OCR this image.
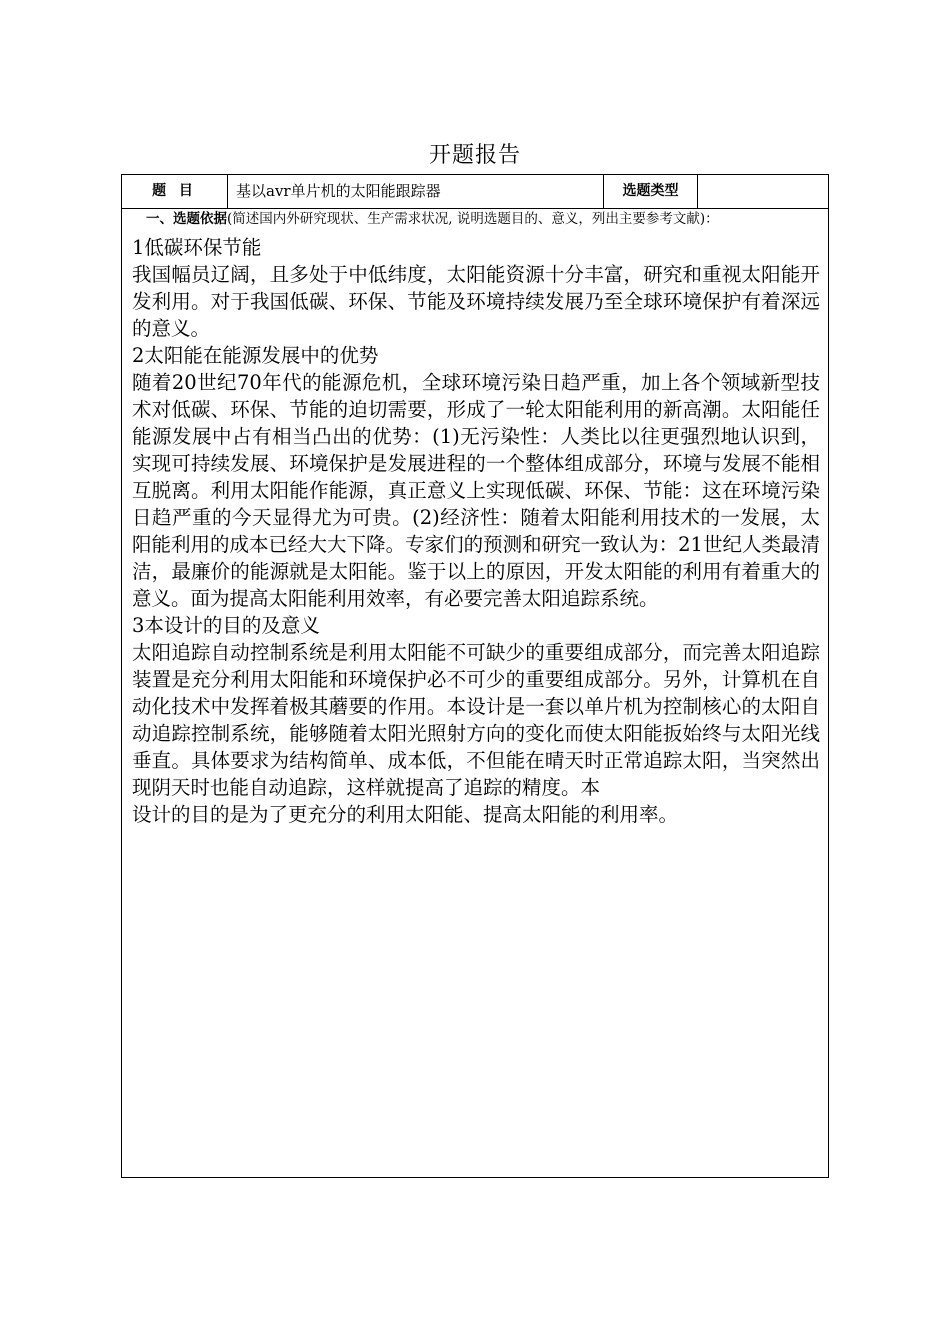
开题报告
题 目	基以avr单片机的太阳能跟踪器	选题类型

一、选题依据(简述国内外研究现状、生产需求状况, 说明选题目的、意义，列出主要参考文献)：

1低碳环保节能

我国幅员辽阔，且多处于中低纬度，太阳能资源十分丰富，研究和重视太阳能开发利用。对于我国低碳、环保、节能及环境持续发展乃至全球环境保护有着深远的意义。

2太阳能在能源发展中的优势

随着20世纪70年代的能源危机，全球环境污染日趋严重，加上各个领域新型技术对低碳、环保、节能的迫切需要，形成了一轮太阳能利用的新高潮。太阳能任能源发展中占有相当凸出的优势：(1)无污染性：人类比以往更强烈地认识到，实现可持续发展、环境保护是发展进程的一个整体组成部分，环境与发展不能相互脱离。利用太阳能作能源，真正意义上实现低碳、环保、节能：这在环境污染日趋严重的今天显得尤为可贵。(2)经济性：随着太阳能利用技术的一发展，太阳能利用的成本已经大大下降。专家们的预测和研究一致认为：21世纪人类最清洁，最廉价的能源就是太阳能。鉴于以上的原因，开发太阳能的利用有着重大的意义。面为提高太阳能利用效率，有必要完善太阳追踪系统。

3本设计的目的及意义

太阳追踪自动控制系统是利用太阳能不可缺少的重要组成部分，而完善太阳追踪装置是充分利用太阳能和环境保护必不可少的重要组成部分。另外，计算机在自动化技术中发挥着极其蘑要的作用。本设计是一套以单片机为控制核心的太阳自动追踪控制系统，能够随着太阳光照射方向的变化而使太阳能扳始终与太阳光线垂直。具体要求为结构简单、成本低，不但能在晴天时正常追踪太阳，当突然出现阴天时也能自动追踪，这样就提高了追踪的精度。本

设计的目的是为了更充分的利用太阳能、提高太阳能的利用率。
